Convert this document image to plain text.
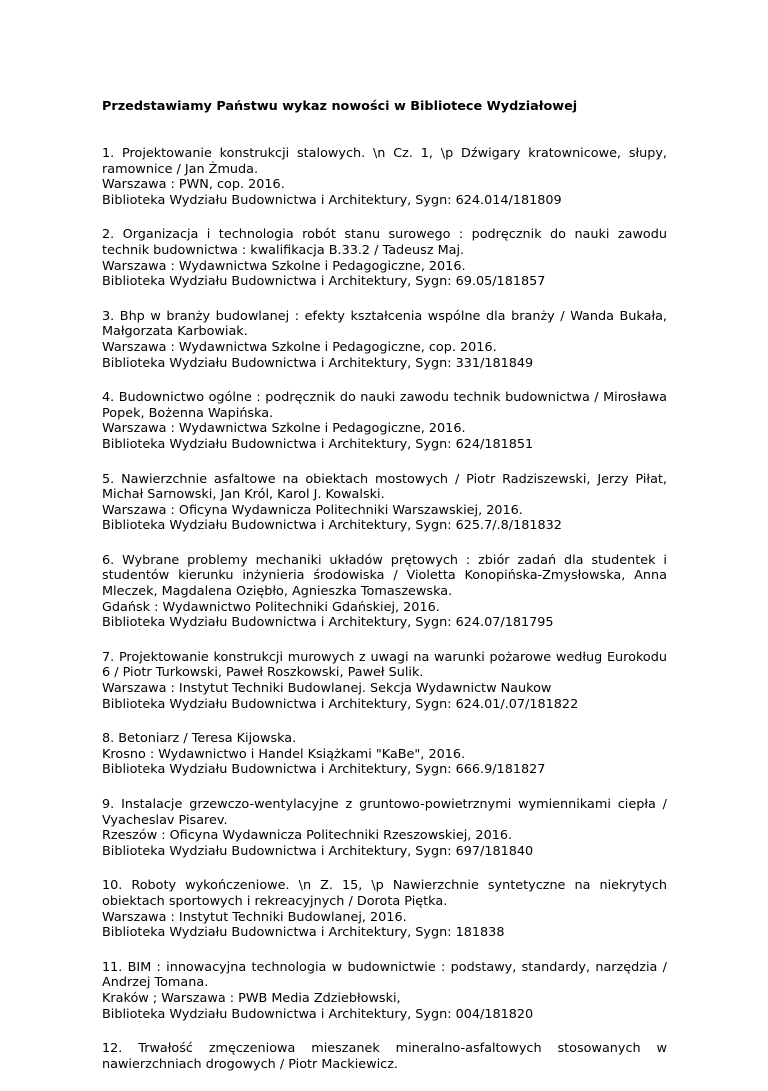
Przedstawiamy Państwu wykaz nowości w Bibliotece Wydziałowej
1. Projektowanie konstrukcji stalowych. \n Cz. 1, \p Dźwigary kratownicowe, słupy, ramownice / Jan Żmuda.
Warszawa : PWN, cop. 2016.
Biblioteka Wydziału Budownictwa i Architektury, Sygn: 624.014/181809
2. Organizacja i technologia robót stanu surowego : podręcznik do nauki zawodu technik budownictwa : kwalifikacja B.33.2 / Tadeusz Maj.
Warszawa : Wydawnictwa Szkolne i Pedagogiczne, 2016.
Biblioteka Wydziału Budownictwa i Architektury, Sygn: 69.05/181857
3. Bhp w branży budowlanej : efekty kształcenia wspólne dla branży / Wanda Bukała, Małgorzata Karbowiak.
Warszawa : Wydawnictwa Szkolne i Pedagogiczne, cop. 2016.
Biblioteka Wydziału Budownictwa i Architektury, Sygn: 331/181849
4. Budownictwo ogólne : podręcznik do nauki zawodu technik budownictwa / Mirosława Popek, Bożenna Wapińska.
Warszawa : Wydawnictwa Szkolne i Pedagogiczne, 2016.
Biblioteka Wydziału Budownictwa i Architektury, Sygn: 624/181851
5. Nawierzchnie asfaltowe na obiektach mostowych / Piotr Radziszewski, Jerzy Piłat, Michał Sarnowski, Jan Król, Karol J. Kowalski.
Warszawa : Oficyna Wydawnicza Politechniki Warszawskiej, 2016.
Biblioteka Wydziału Budownictwa i Architektury, Sygn: 625.7/.8/181832
6. Wybrane problemy mechaniki układów prętowych : zbiór zadań dla studentek i studentów kierunku inżynieria środowiska / Violetta Konopińska-Zmysłowska, Anna Mleczek, Magdalena Oziębło, Agnieszka Tomaszewska.
Gdańsk : Wydawnictwo Politechniki Gdańskiej, 2016.
Biblioteka Wydziału Budownictwa i Architektury, Sygn: 624.07/181795
7. Projektowanie konstrukcji murowych z uwagi na warunki pożarowe według Eurokodu 6 / Piotr Turkowski, Paweł Roszkowski, Paweł Sulik.
Warszawa : Instytut Techniki Budowlanej. Sekcja Wydawnictw Naukow
Biblioteka Wydziału Budownictwa i Architektury, Sygn: 624.01/.07/181822
8. Betoniarz / Teresa Kijowska.
Krosno : Wydawnictwo i Handel Książkami "KaBe", 2016.
Biblioteka Wydziału Budownictwa i Architektury, Sygn: 666.9/181827
9. Instalacje grzewczo-wentylacyjne z gruntowo-powietrznymi wymiennikami ciepła / Vyacheslav Pisarev.
Rzeszów : Oficyna Wydawnicza Politechniki Rzeszowskiej, 2016.
Biblioteka Wydziału Budownictwa i Architektury, Sygn: 697/181840
10. Roboty wykończeniowe. \n Z. 15, \p Nawierzchnie syntetyczne na niekrytych obiektach sportowych i rekreacyjnych / Dorota Piętka.
Warszawa : Instytut Techniki Budowlanej, 2016.
Biblioteka Wydziału Budownictwa i Architektury, Sygn: 181838
11. BIM : innowacyjna technologia w budownictwie : podstawy, standardy, narzędzia / Andrzej Tomana.
Kraków ; Warszawa : PWB Media Zdziebłowski,
Biblioteka Wydziału Budownictwa i Architektury, Sygn: 004/181820
12. Trwałość zmęczeniowa mieszanek mineralno-asfaltowych stosowanych w nawierzchniach drogowych / Piotr Mackiewicz.
